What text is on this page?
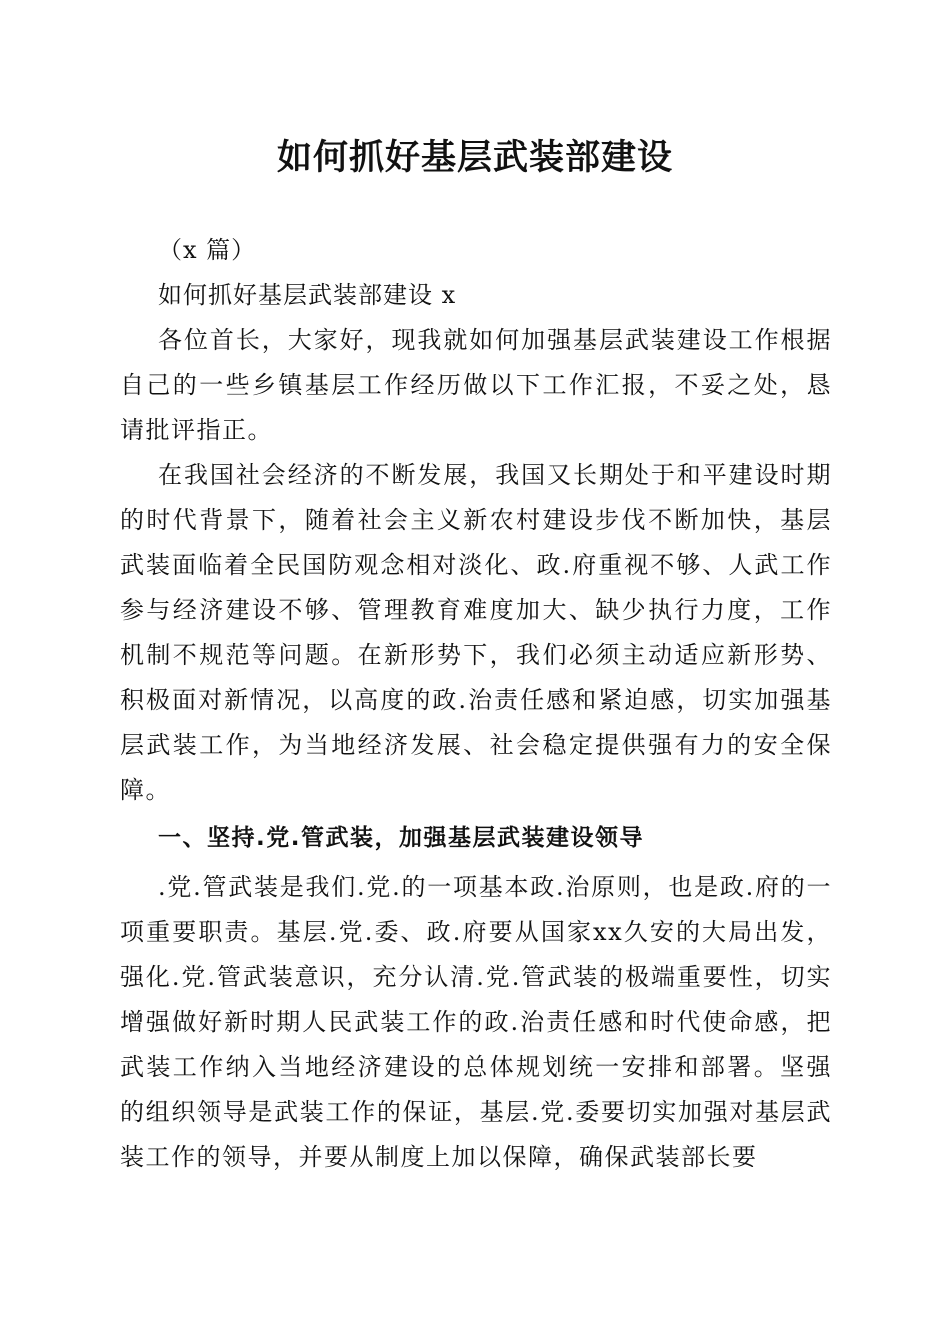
如何抓好基层武装部建设

（x 篇）

如何抓好基层武装部建设 x

各位首长，大家好，现我就如何加强基层武装建设工作根据自己的一些乡镇基层工作经历做以下工作汇报，不妥之处，恳请批评指正。

在我国社会经济的不断发展，我国又长期处于和平建设时期的时代背景下，随着社会主义新农村建设步伐不断加快，基层武装面临着全民国防观念相对淡化、政.府重视不够、人武工作参与经济建设不够、管理教育难度加大、缺少执行力度，工作机制不规范等问题。在新形势下，我们必须主动适应新形势、积极面对新情况，以高度的政.治责任感和紧迫感，切实加强基层武装工作，为当地经济发展、社会稳定提供强有力的安全保障。

一、坚持.党.管武装，加强基层武装建设领导

.党.管武装是我们.党.的一项基本政.治原则，也是政.府的一项重要职责。基层.党.委、政.府要从国家xx久安的大局出发，强化.党.管武装意识，充分认清.党.管武装的极端重要性，切实增强做好新时期人民武装工作的政.治责任感和时代使命感，把武装工作纳入当地经济建设的总体规划统一安排和部署。坚强的组织领导是武装工作的保证，基层.党.委要切实加强对基层武装工作的领导，并要从制度上加以保障，确保武装部长要
